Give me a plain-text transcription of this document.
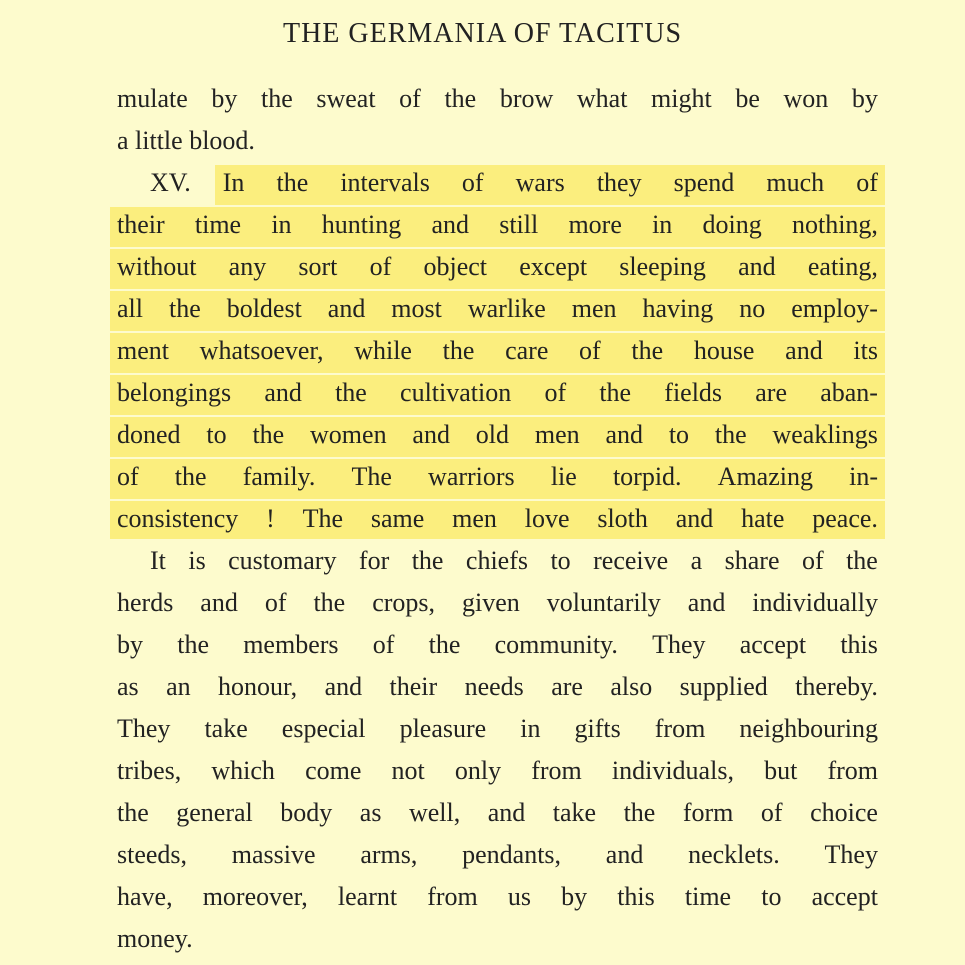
THE GERMANIA OF TACITUS
mulate by the sweat of the brow what might be won by
a little blood.
XV. In the intervals of wars they spend much of
their time in hunting and still more in doing nothing,
without any sort of object except sleeping and eating,
all the boldest and most warlike men having no employ-
ment whatsoever, while the care of the house and its
belongings and the cultivation of the fields are aban-
doned to the women and old men and to the weaklings
of the family. The warriors lie torpid. Amazing in-
consistency ! The same men love sloth and hate peace.
It is customary for the chiefs to receive a share of the
herds and of the crops, given voluntarily and individually
by the members of the community. They accept this
as an honour, and their needs are also supplied thereby.
They take especial pleasure in gifts from neighbouring
tribes, which come not only from individuals, but from
the general body as well, and take the form of choice
steeds, massive arms, pendants, and necklets. They
have, moreover, learnt from us by this time to accept
money.
